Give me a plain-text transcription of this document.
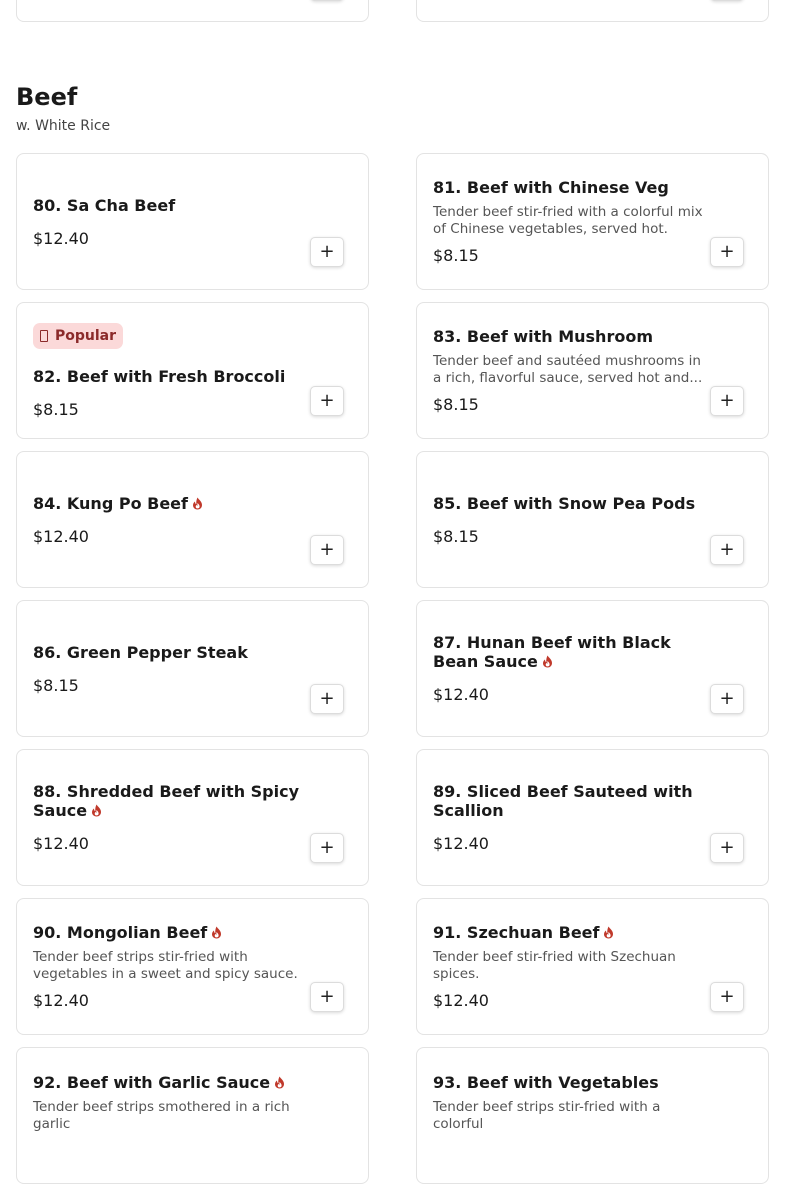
Beef
w. White Rice
80. Sa Cha Beef
$12.40
+
81. Beef with Chinese Veg
Tender beef stir-fried with a colorful mix of Chinese vegetables, served hot.
$8.15	+
Popular
82. Beef with Fresh Broccoli
$8.15	+
83. Beef with Mushroom
Tender beef and sautéed mushrooms in a rich, flavorful sauce, served hot and...
$8.15	+
84. Kung Po Beef
$12.40
+
85. Beef with Snow Pea Pods
$8.15
+
86. Green Pepper Steak
$8.15
+
87. Hunan Beef with Black Bean Sauce
$12.40	+
88. Shredded Beef with Spicy Sauce
$12.40	+
89. Sliced Beef Sauteed with Scallion
$12.40	+
90. Mongolian Beef
Tender beef strips stir-fried with vegetables in a sweet and spicy sauce.
$12.40	+
91. Szechuan Beef
Tender beef stir-fried with Szechuan spices.
$12.40	+
92. Beef with Garlic Sauce
Tender beef strips smothered in a rich garlic
93. Beef with Vegetables
Tender beef strips stir-fried with a colorful
